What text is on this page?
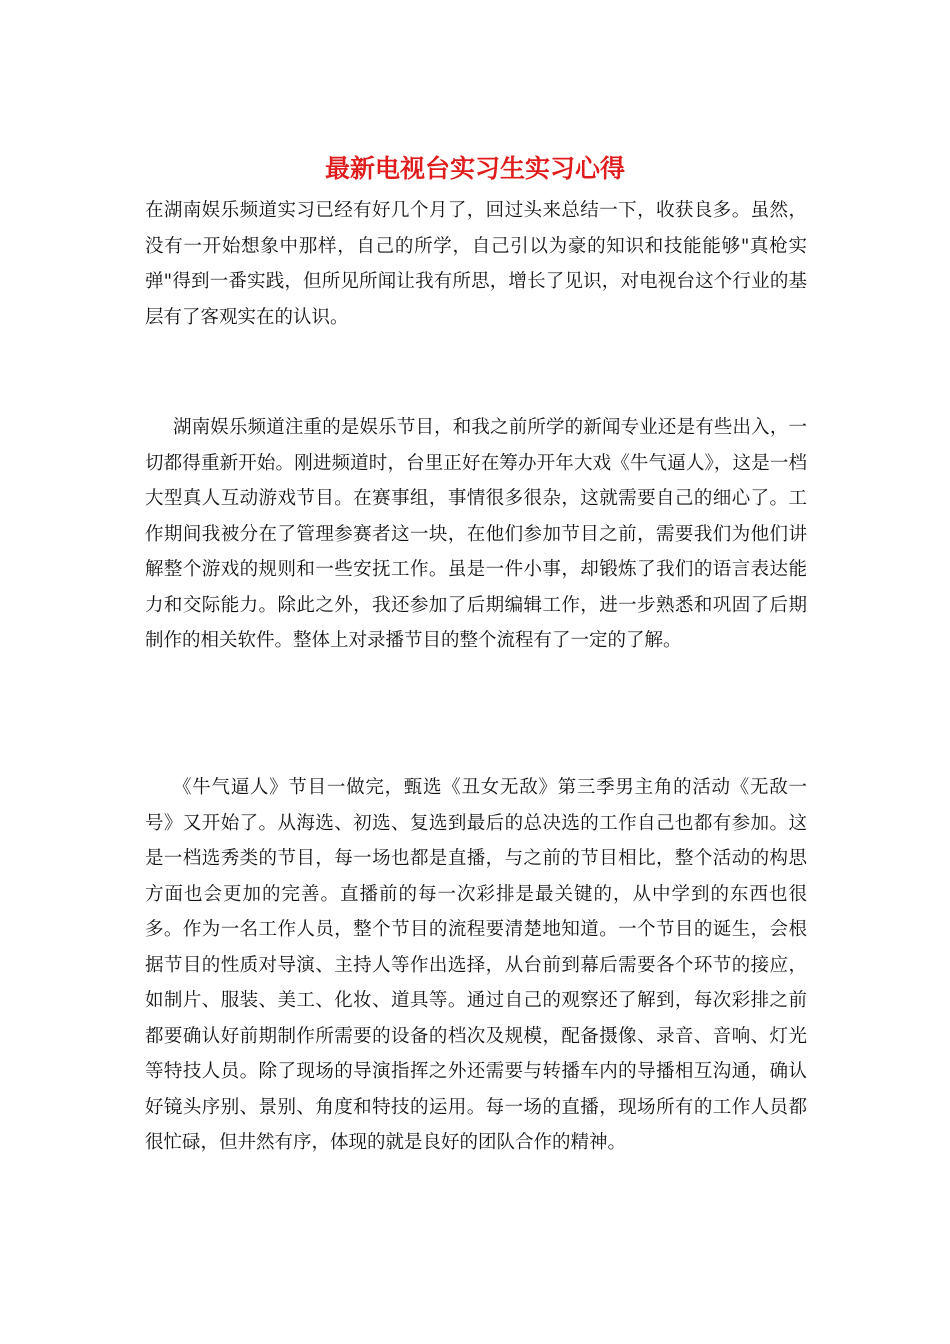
最新电视台实习生实习心得

在湖南娱乐频道实习已经有好几个月了，回过头来总结一下，收获良多。虽然，没有一开始想象中那样，自己的所学，自己引以为豪的知识和技能能够"真枪实弹"得到一番实践，但所见所闻让我有所思，增长了见识，对电视台这个行业的基层有了客观实在的认识。

湖南娱乐频道注重的是娱乐节目，和我之前所学的新闻专业还是有些出入，一切都得重新开始。刚进频道时，台里正好在筹办开年大戏《牛气逼人》，这是一档大型真人互动游戏节目。在赛事组，事情很多很杂，这就需要自己的细心了。工作期间我被分在了管理参赛者这一块，在他们参加节目之前，需要我们为他们讲解整个游戏的规则和一些安抚工作。虽是一件小事，却锻炼了我们的语言表达能力和交际能力。除此之外，我还参加了后期编辑工作，进一步熟悉和巩固了后期制作的相关软件。整体上对录播节目的整个流程有了一定的了解。

《牛气逼人》节目一做完，甄选《丑女无敌》第三季男主角的活动《无敌一号》又开始了。从海选、初选、复选到最后的总决选的工作自己也都有参加。这是一档选秀类的节目，每一场也都是直播，与之前的节目相比，整个活动的构思方面也会更加的完善。直播前的每一次彩排是最关键的，从中学到的东西也很多。作为一名工作人员，整个节目的流程要清楚地知道。一个节目的诞生，会根据节目的性质对导演、主持人等作出选择，从台前到幕后需要各个环节的接应，如制片、服装、美工、化妆、道具等。通过自己的观察还了解到，每次彩排之前都要确认好前期制作所需要的设备的档次及规模，配备摄像、录音、音响、灯光等特技人员。除了现场的导演指挥之外还需要与转播车内的导播相互沟通，确认好镜头序别、景别、角度和特技的运用。每一场的直播，现场所有的工作人员都很忙碌，但井然有序，体现的就是良好的团队合作的精神。
